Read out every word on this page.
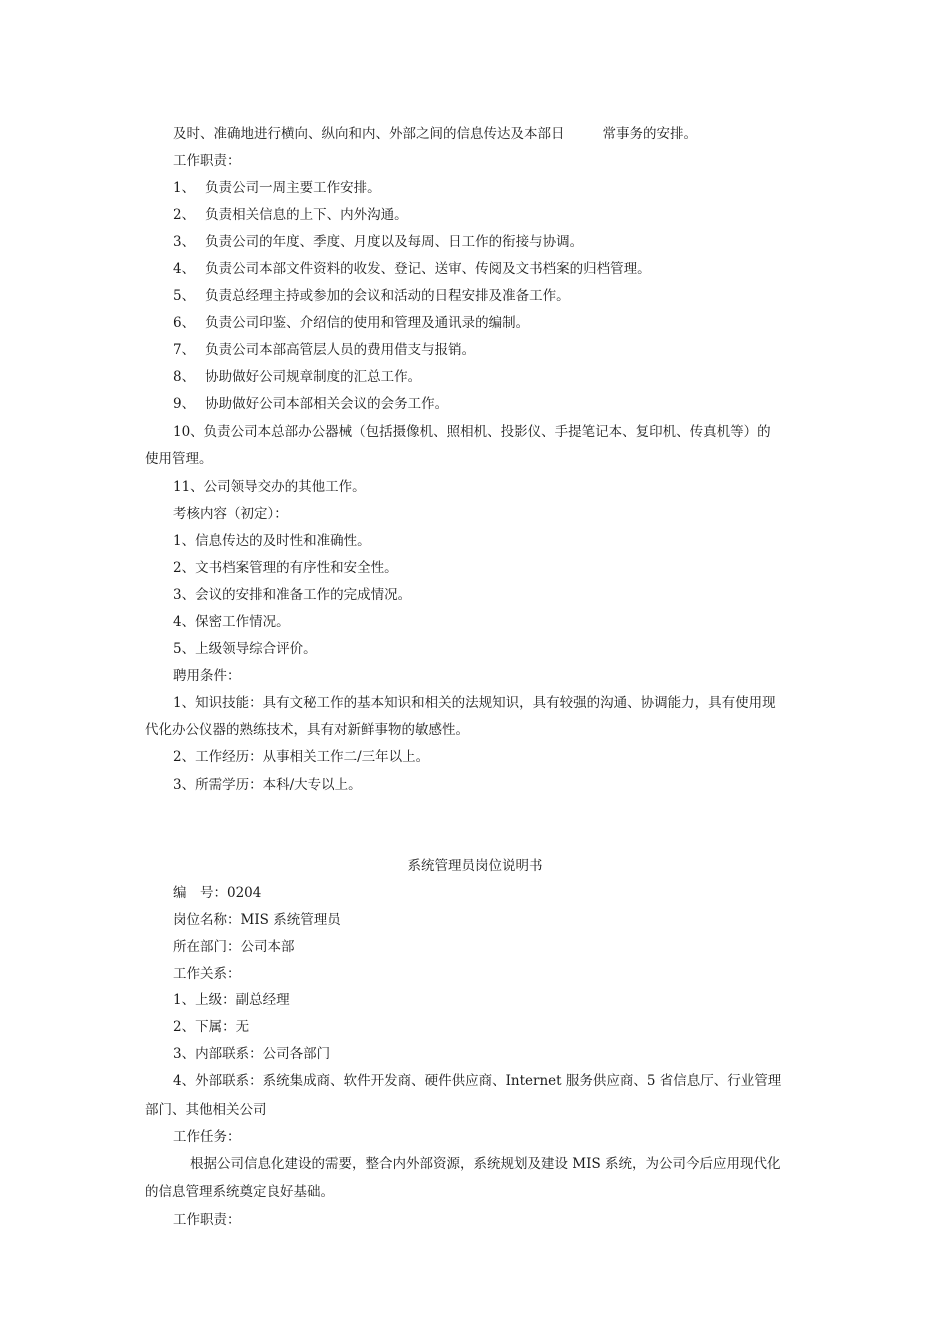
及时、准确地进行横向、纵向和内、外部之间的信息传达及本部日	常事务的安排。
工作职责：
1、 负责公司一周主要工作安排。
2、 负责相关信息的上下、内外沟通。
3、 负责公司的年度、季度、月度以及每周、日工作的衔接与协调。
4、 负责公司本部文件资料的收发、登记、送审、传阅及文书档案的归档管理。
5、 负责总经理主持或参加的会议和活动的日程安排及准备工作。
6、 负责公司印鉴、介绍信的使用和管理及通讯录的编制。
7、 负责公司本部高管层人员的费用借支与报销。
8、 协助做好公司规章制度的汇总工作。
9、 协助做好公司本部相关会议的会务工作。
10、负责公司本总部办公器械（包括摄像机、照相机、投影仪、手提笔记本、复印机、传真机等）的
使用管理。
11、公司领导交办的其他工作。
考核内容（初定）：
1、信息传达的及时性和准确性。
2、文书档案管理的有序性和安全性。
3、会议的安排和准备工作的完成情况。
4、保密工作情况。
5、上级领导综合评价。
聘用条件：
1、知识技能：具有文秘工作的基本知识和相关的法规知识，具有较强的沟通、协调能力，具有使用现
代化办公仪器的熟练技术，具有对新鲜事物的敏感性。
2、工作经历：从事相关工作二/三年以上。
3、所需学历：本科/大专以上。
系统管理员岗位说明书
编　号：0204
岗位名称：MIS 系统管理员
所在部门：公司本部
工作关系：
1、上级：副总经理
2、下属：无
3、内部联系：公司各部门
4、外部联系：系统集成商、软件开发商、硬件供应商、Internet 服务供应商、5 省信息厅、行业管理
部门、其他相关公司
工作任务：
根据公司信息化建设的需要，整合内外部资源，系统规划及建设 MIS 系统，为公司今后应用现代化
的信息管理系统奠定良好基础。
工作职责：
